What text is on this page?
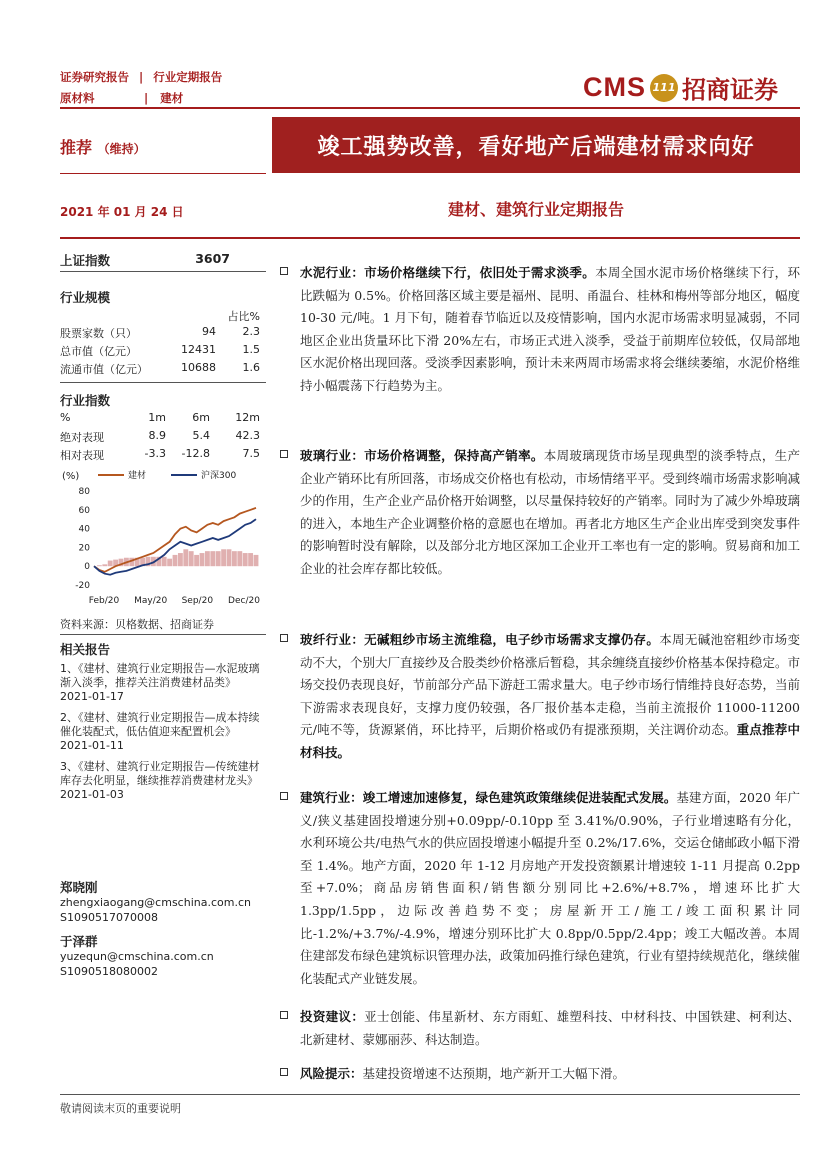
证券研究报告 | 行业定期报告
原材料	| 建材	CMS 111 招商证券
推荐 （维持）	竣工强势改善，看好地产后端建材需求向好
2021 年 01 月 24 日	建材、建筑行业定期报告
上证指数	3607
行业规模
占比%
股票家数（只）	94	2.3
总市值（亿元）	12431	1.5
流通市值（亿元）	10688	1.6
行业指数
%	1m	6m	12m
绝对表现	8.9	5.4	42.3
相对表现	-3.3	-12.8	7.5
(%)	建材	沪深300
80
60
40
20
0
-20
Feb/20 May/20 Sep/20 Dec/20
资料来源：贝格数据、招商证券
相关报告
1、《建材、建筑行业定期报告—水泥玻璃渐入淡季，推荐关注消费建材品类》
2021-01-17
2、《建材、建筑行业定期报告—成本持续催化装配式，低估值迎来配置机会》
2021-01-11
3、《建材、建筑行业定期报告—传统建材库存去化明显，继续推荐消费建材龙头》
2021-01-03
郑晓刚
zhengxiaogang@cmschina.com.cn
S1090517070008
于泽群
yuzequn@cmschina.com.cn
S1090518080002
水泥行业：市场价格继续下行，依旧处于需求淡季。本周全国水泥市场价格继续下行，环比跌幅为 0.5%。价格回落区域主要是福州、昆明、甬温台、桂林和梅州等部分地区，幅度 10-30 元/吨。1 月下旬，随着春节临近以及疫情影响，国内水泥市场需求明显减弱，不同地区企业出货量环比下滑 20%左右，市场正式进入淡季，受益于前期库位较低，仅局部地区水泥价格出现回落。受淡季因素影响，预计未来两周市场需求将会继续萎缩，水泥价格维持小幅震荡下行趋势为主。
玻璃行业：市场价格调整，保持高产销率。本周玻璃现货市场呈现典型的淡季特点，生产企业产销环比有所回落，市场成交价格也有松动，市场情绪平平。受到终端市场需求影响减少的作用，生产企业产品价格开始调整，以尽量保持较好的产销率。同时为了减少外埠玻璃的进入，本地生产企业调整价格的意愿也在增加。再者北方地区生产企业出库受到突发事件的影响暂时没有解除，以及部分北方地区深加工企业开工率也有一定的影响。贸易商和加工企业的社会库存都比较低。
玻纤行业：无碱粗纱市场主流维稳，电子纱市场需求支撑仍存。本周无碱池窑粗纱市场变动不大，个别大厂直接纱及合股类纱价格涨后暂稳，其余缠绕直接纱价格基本保持稳定。市场交投仍表现良好，节前部分产品下游赶工需求量大。电子纱市场行情维持良好态势，当前下游需求表现良好，支撑力度仍较强，各厂报价基本走稳，当前主流报价 11000-11200 元/吨不等，货源紧俏，环比持平，后期价格或仍有提涨预期，关注调价动态。重点推荐中材科技。
建筑行业：竣工增速加速修复，绿色建筑政策继续促进装配式发展。基建方面，2020 年广义/狭义基建固投增速分别+0.09pp/-0.10pp 至 3.41%/0.90%，子行业增速略有分化，水利环境公共/电热气水的供应固投增速小幅提升至 0.2%/17.6%，交运仓储邮政小幅下滑至 1.4%。地产方面，2020 年 1-12 月房地产开发投资额累计增速较 1-11 月提高 0.2pp 至+7.0%；商品房销售面积/销售额分别同比+2.6%/+8.7%，增速环比扩大 1.3pp/1.5pp，边际改善趋势不变；房屋新开工/施工/竣工面积累计同比-1.2%/+3.7%/-4.9%，增速分别环比扩大 0.8pp/0.5pp/2.4pp；竣工大幅改善。本周住建部发布绿色建筑标识管理办法，政策加码推行绿色建筑，行业有望持续规范化，继续催化装配式产业链发展。
投资建议：亚士创能、伟星新材、东方雨虹、雄塑科技、中材科技、中国铁建、柯利达、北新建材、蒙娜丽莎、科达制造。
风险提示：基建投资增速不达预期，地产新开工大幅下滑。
敬请阅读末页的重要说明
